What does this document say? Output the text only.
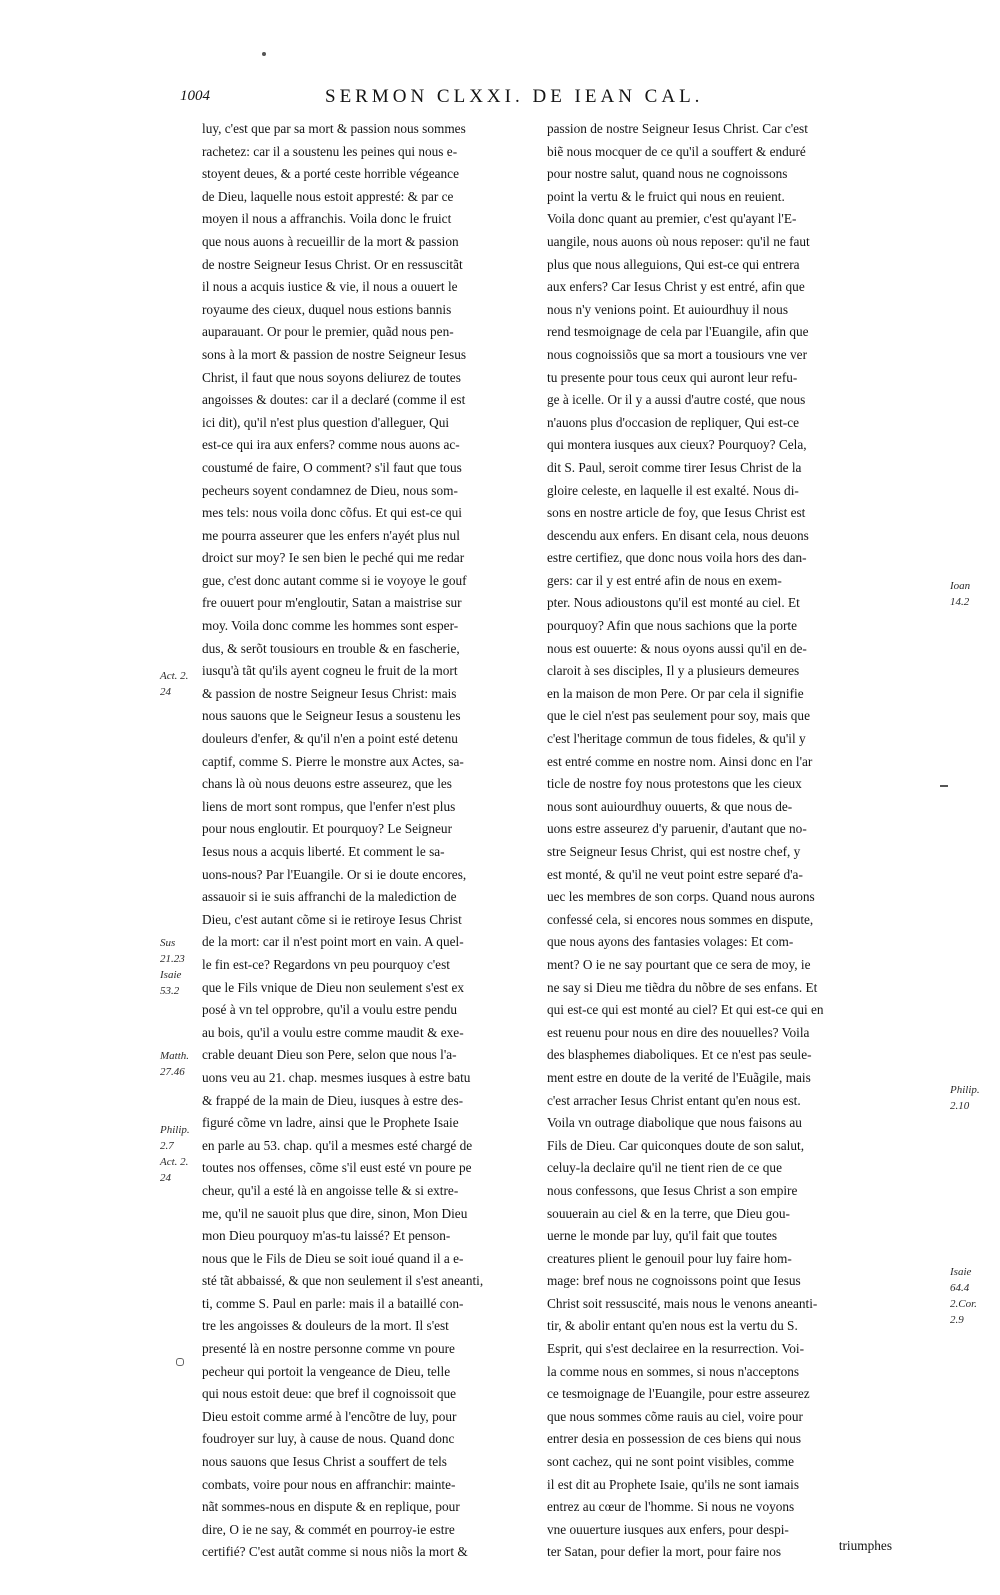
1004	SERMON CLXXI. DE IEAN CAL.
luy, c'est que par sa mort & passion nous sommes
rachetez: car il a soustenu les peines qui nous e-
stoyent deues, & a porté ceste horrible végeance
de Dieu, laquelle nous estoit appresté: & par ce
moyen il nous a affranchis. Voila donc le fruict
que nous auons à recueillir de la mort & passion
de nostre Seigneur Iesus Christ. Or en ressuscitãt
il nous a acquis iustice & vie, il nous a ouuert le
royaume des cieux, duquel nous estions bannis
auparauant. Or pour le premier, quãd nous pen-
sons à la mort & passion de nostre Seigneur Iesus
Christ, il faut que nous soyons deliurez de toutes
angoisses & doutes: car il a declaré (comme il est
ici dit), qu'il n'est plus question d'alleguer, Qui
est-ce qui ira aux enfers? comme nous auons ac-
coustumé de faire, O comment? s'il faut que tous
pecheurs soyent condamnez de Dieu, nous som-
mes tels: nous voila donc cõfus. Et qui est-ce qui
me pourra asseurer que les enfers n'ayét plus nul
droict sur moy? Ie sen bien le peché qui me redar
gue, c'est donc autant comme si ie voyoye le gouf
fre ouuert pour m'engloutir, Satan a maistrise sur
moy. Voila donc comme les hommes sont esper-
dus, & serõt tousiours en trouble & en fascherie,
iusqu'à tãt qu'ils ayent cogneu le fruit de la mort
& passion de nostre Seigneur Iesus Christ: mais
nous sauons que le Seigneur Iesus a soustenu les
douleurs d'enfer, & qu'il n'en a point esté detenu
captif, comme S. Pierre le monstre aux Actes, sa-
chans là où nous deuons estre asseurez, que les
liens de mort sont rompus, que l'enfer n'est plus
pour nous engloutir. Et pourquoy? Le Seigneur
Iesus nous a acquis liberté. Et comment le sa-
uons-nous? Par l'Euangile. Or si ie doute encores,
assauoir si ie suis affranchi de la malediction de
Dieu, c'est autant cõme si ie retiroye Iesus Christ
de la mort: car il n'est point mort en vain. A quel-
le fin est-ce? Regardons vn peu pourquoy c'est
que le Fils vnique de Dieu non seulement s'est ex
posé à vn tel opprobre, qu'il a voulu estre pendu
au bois, qu'il a voulu estre comme maudit & exe-
crable deuant Dieu son Pere, selon que nous l'a-
uons veu au 21. chap. mesmes iusques à estre batu
& frappé de la main de Dieu, iusques à estre des-
figuré cõme vn ladre, ainsi que le Prophete Isaie
en parle au 53. chap. qu'il a mesmes esté chargé de
toutes nos offenses, cõme s'il eust esté vn poure pe
cheur, qu'il a esté là en angoisse telle & si extre-
me, qu'il ne sauoit plus que dire, sinon, Mon Dieu
mon Dieu pourquoy m'as-tu laissé? Et penson-
nous que le Fils de Dieu se soit ioué quand il a e-
sté tãt abbaissé, & que non seulement il s'est aneanti,
ti, comme S. Paul en parle: mais il a bataillé con-
tre les angoisses & douleurs de la mort. Il s'est
presenté là en nostre personne comme vn poure
pecheur qui portoit la vengeance de Dieu, telle
qui nous estoit deue: que bref il cognoissoit que
Dieu estoit comme armé à l'encõtre de luy, pour
foudroyer sur luy, à cause de nous. Quand donc
nous sauons que Iesus Christ a souffert de tels
combats, voire pour nous en affranchir: mainte-
nãt sommes-nous en dispute & en replique, pour
dire, O ie ne say, & commét en pourroy-ie estre
certifié? C'est autãt comme si nous niõs la mort &
passion de nostre Seigneur Iesus Christ. Car c'est
biẽ nous mocquer de ce qu'il a souffert & enduré
pour nostre salut, quand nous ne cognoissons
point la vertu & le fruict qui nous en reuient.
Voila donc quant au premier, c'est qu'ayant l'E-
uangile, nous auons où nous reposer: qu'il ne faut
plus que nous alleguions, Qui est-ce qui entrera
aux enfers? Car Iesus Christ y est entré, afin que
nous n'y venions point. Et auiourdhuy il nous
rend tesmoignage de cela par l'Euangile, afin que
nous cognoissiõs que sa mort a tousiours vne ver
tu presente pour tous ceux qui auront leur refu-
ge à icelle. Or il y a aussi d'autre costé, que nous
n'auons plus d'occasion de repliquer, Qui est-ce
qui montera iusques aux cieux? Pourquoy? Cela,
dit S. Paul, seroit comme tirer Iesus Christ de la
gloire celeste, en laquelle il est exalté. Nous di-
sons en nostre article de foy, que Iesus Christ est
descendu aux enfers. En disant cela, nous deuons
estre certifiez, que donc nous voila hors des dan-
gers: car il y est entré afin de nous en exem-
pter. Nous adioustons qu'il est monté au ciel. Et
pourquoy? Afin que nous sachions que la porte
nous est ouuerte: & nous oyons aussi qu'il en de-
claroit à ses disciples, Il y a plusieurs demeures
en la maison de mon Pere. Or par cela il signifie
que le ciel n'est pas seulement pour soy, mais que
c'est l'heritage commun de tous fideles, & qu'il y
est entré comme en nostre nom. Ainsi donc en l'ar
ticle de nostre foy nous protestons que les cieux
nous sont auiourdhuy ouuerts, & que nous de-
uons estre asseurez d'y paruenir, d'autant que no-
stre Seigneur Iesus Christ, qui est nostre chef, y
est monté, & qu'il ne veut point estre separé d'a-
uec les membres de son corps. Quand nous aurons
confessé cela, si encores nous sommes en dispute,
que nous ayons des fantasies volages: Et com-
ment? O ie ne say pourtant que ce sera de moy, ie
ne say si Dieu me tiẽdra du nõbre de ses enfans. Et
qui est-ce qui est monté au ciel? Et qui est-ce qui en
est reuenu pour nous en dire des nouuelles? Voila
des blasphemes diaboliques. Et ce n'est pas seule-
ment estre en doute de la verité de l'Euãgile, mais
c'est arracher Iesus Christ entant qu'en nous est.
Voila vn outrage diabolique que nous faisons au
Fils de Dieu. Car quiconques doute de son salut,
celuy-la declaire qu'il ne tient rien de ce que
nous confessons, que Iesus Christ a son empire
souuerain au ciel & en la terre, que Dieu gou-
uerne le monde par luy, qu'il fait que toutes
creatures plient le genouil pour luy faire hom-
mage: bref nous ne cognoissons point que Iesus
Christ soit ressuscité, mais nous le venons aneanti-
tir, & abolir entant qu'en nous est la vertu du S.
Esprit, qui s'est declairee en la resurrection. Voi-
la comme nous en sommes, si nous n'acceptons
ce tesmoignage de l'Euangile, pour estre asseurez
que nous sommes cõme rauis au ciel, voire pour
entrer desia en possession de ces biens qui nous
sont cachez, qui ne sont point visibles, comme
il est dit au Prophete Isaie, qu'ils ne sont iamais
entrez au cœur de l'homme. Si nous ne voyons
vne ouuerture iusques aux enfers, pour despi-
ter Satan, pour defier la mort, pour faire nos
Act. 2.
24
Ioan
14.2
Sus
21.23
Isaie
53.2
Matth.
27.46
Philip.
2.7
Act. 2.
24
Philip.
2.10
Isaie
64.4
2.Cor.
2.9
triumphes
